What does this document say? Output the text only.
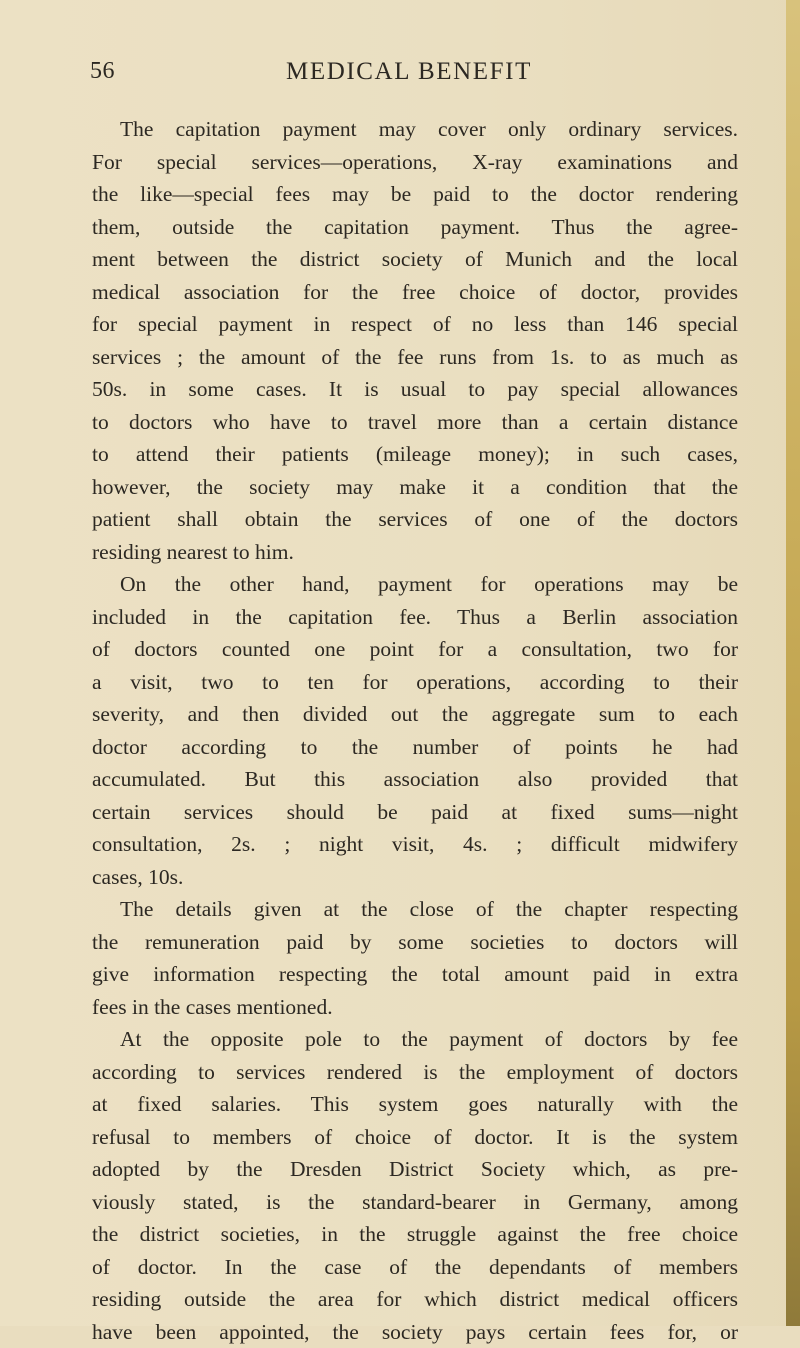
56	MEDICAL BENEFIT
The capitation payment may cover only ordinary services.
For special services—operations, X-ray examinations and
the like—special fees may be paid to the doctor rendering
them, outside the capitation payment. Thus the agree-
ment between the district society of Munich and the local
medical association for the free choice of doctor, provides
for special payment in respect of no less than 146 special
services ; the amount of the fee runs from 1s. to as much as
50s. in some cases. It is usual to pay special allowances
to doctors who have to travel more than a certain distance
to attend their patients (mileage money); in such cases,
however, the society may make it a condition that the
patient shall obtain the services of one of the doctors
residing nearest to him.
On the other hand, payment for operations may be
included in the capitation fee. Thus a Berlin association
of doctors counted one point for a consultation, two for
a visit, two to ten for operations, according to their
severity, and then divided out the aggregate sum to each
doctor according to the number of points he had
accumulated. But this association also provided that
certain services should be paid at fixed sums—night
consultation, 2s. ; night visit, 4s. ; difficult midwifery
cases, 10s.
The details given at the close of the chapter respecting
the remuneration paid by some societies to doctors will
give information respecting the total amount paid in extra
fees in the cases mentioned.
At the opposite pole to the payment of doctors by fee
according to services rendered is the employment of doctors
at fixed salaries. This system goes naturally with the
refusal to members of choice of doctor. It is the system
adopted by the Dresden District Society which, as pre-
viously stated, is the standard-bearer in Germany, among
the district societies, in the struggle against the free choice
of doctor. In the case of the dependants of members
residing outside the area for which district medical officers
have been appointed, the society pays certain fees for, or
